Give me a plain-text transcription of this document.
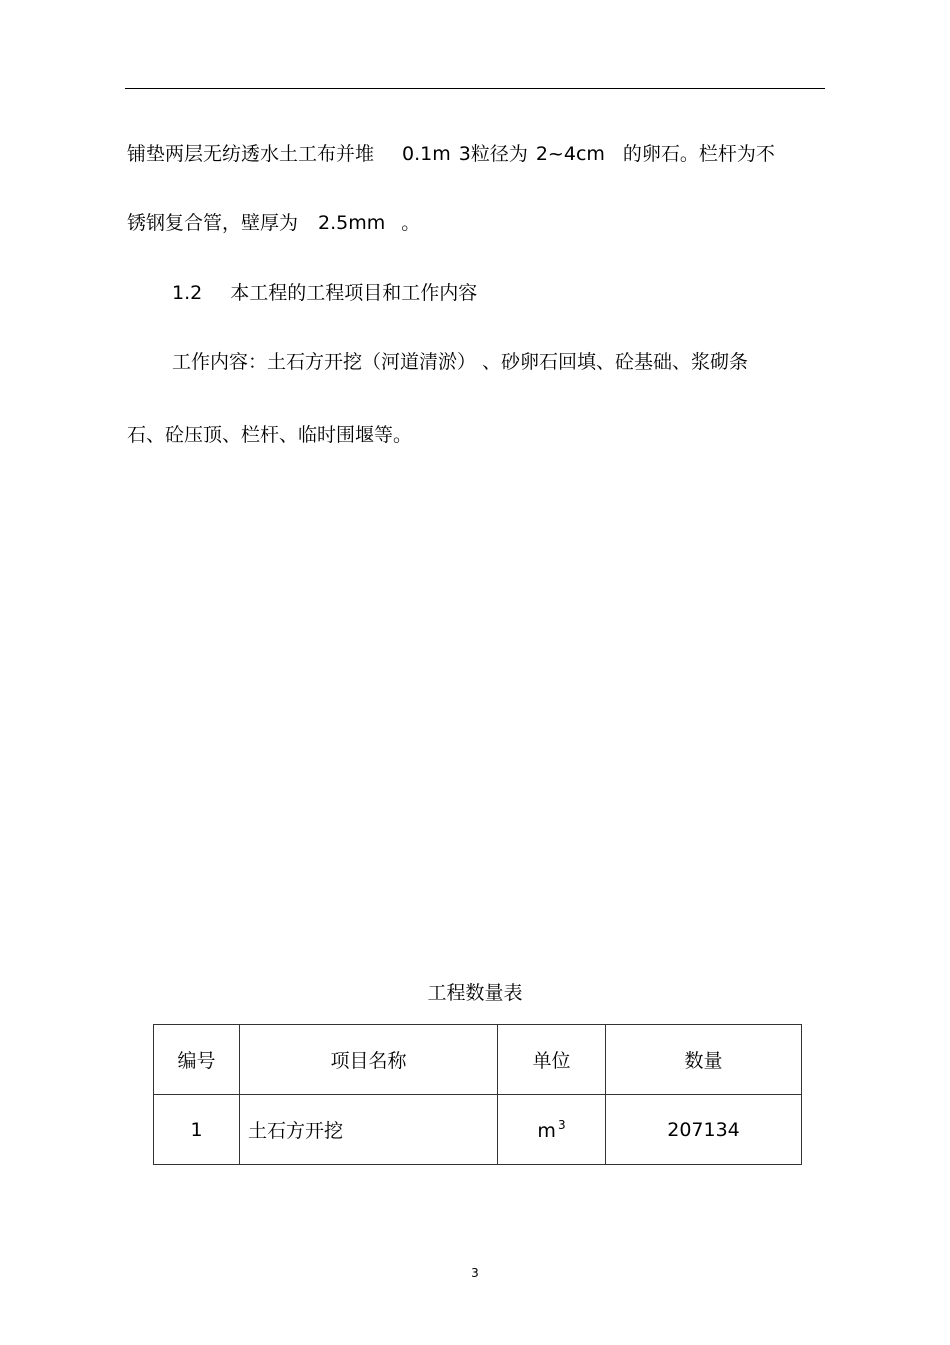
铺垫两层无纺透水土工布并堆 0.1m 3粒径为 2~4cm 的卵石。栏杆为不
锈钢复合管，壁厚为 2.5mm 。
1.2 本工程的工程项目和工作内容
工作内容：土石方开挖（河道清淤） 、砂卵石回填、砼基础、浆砌条
石、砼压顶、栏杆、临时围堰等。
工程数量表
编号	项目名称	单位	数量
1	土石方开挖	m $^3$	207134
3
